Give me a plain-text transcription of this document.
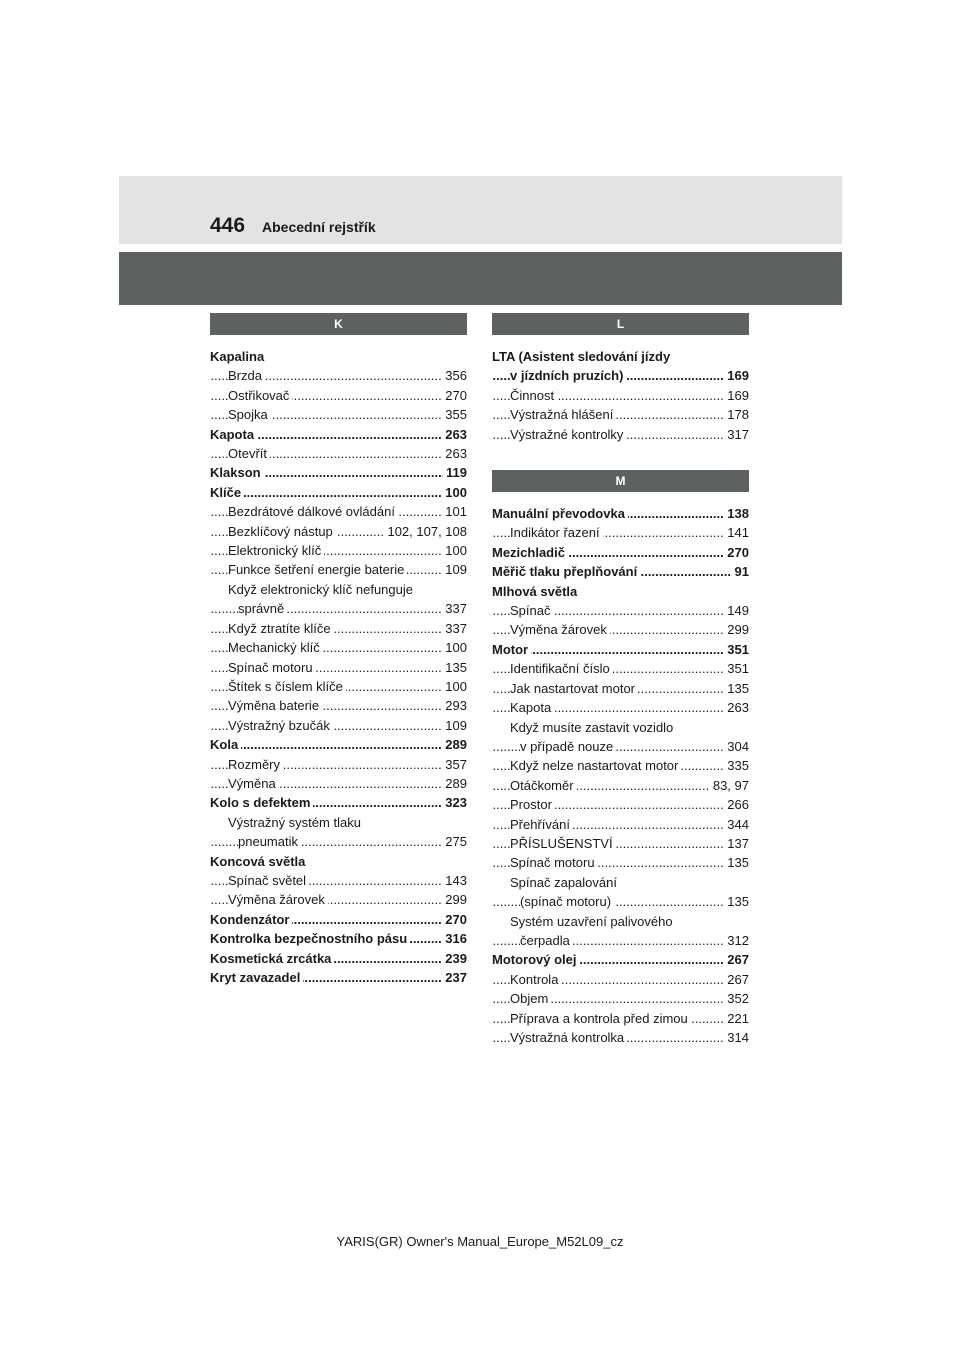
446 Abecední rejstřík
K
Kapalina
.....
Brzda	356
.....
Ostřikovač	270
.....
Spojka	355
.....
Kapota	263
.....
Otevřít	263
.....
Klakson	119
.....
Klíče	100
.....
Bezdrátové dálkové ovládání	101
.....
Bezklíčový nástup	102, 107, 108
.....
Elektronický klíč	100
.....
Funkce šetření energie baterie	109
Když elektronický klíč nefunguje
.....
správně	337
.....
Když ztratíte klíče	337
.....
Mechanický klíč	100
.....
Spínač motoru	135
.....
Štítek s číslem klíče	100
.....
Výměna baterie	293
.....
Výstražný bzučák	109
.....
Kola	289
.....
Rozměry	357
.....
Výměna	289
.....
Kolo s defektem	323
Výstražný systém tlaku
.....
pneumatik	275
Koncová světla
.....
Spínač světel	143
.....
Výměna žárovek	299
.....
Kondenzátor	270
.....
Kontrolka bezpečnostního pásu	316
.....
Kosmetická zrcátka	239
.....
Kryt zavazadel	237
L
LTA (Asistent sledování jízdy
.....
v jízdních pruzích)	169
.....
Činnost	169
.....
Výstražná hlášení	178
.....
Výstražné kontrolky	317
M
.....
Manuální převodovka	138
.....
Indikátor řazení	141
.....
Mezichladič	270
.....
Měřič tlaku přeplňování	91
Mlhová světla
.....
Spínač	149
.....
Výměna žárovek	299
.....
Motor	351
.....
Identifikační číslo	351
.....
Jak nastartovat motor	135
.....
Kapota	263
Když musíte zastavit vozidlo
.....
v případě nouze	304
.....
Když nelze nastartovat motor	335
.....
Otáčkoměr	83, 97
.....
Prostor	266
.....
Přehřívání	344
.....
PŘÍSLUŠENSTVÍ	137
.....
Spínač motoru	135
Spínač zapalování
.....
(spínač motoru)	135
Systém uzavření palivového
.....
čerpadla	312
.....
Motorový olej	267
.....
Kontrola	267
.....
Objem	352
.....
Příprava a kontrola před zimou	221
.....
Výstražná kontrolka	314
YARIS(GR) Owner's Manual_Europe_M52L09_cz
